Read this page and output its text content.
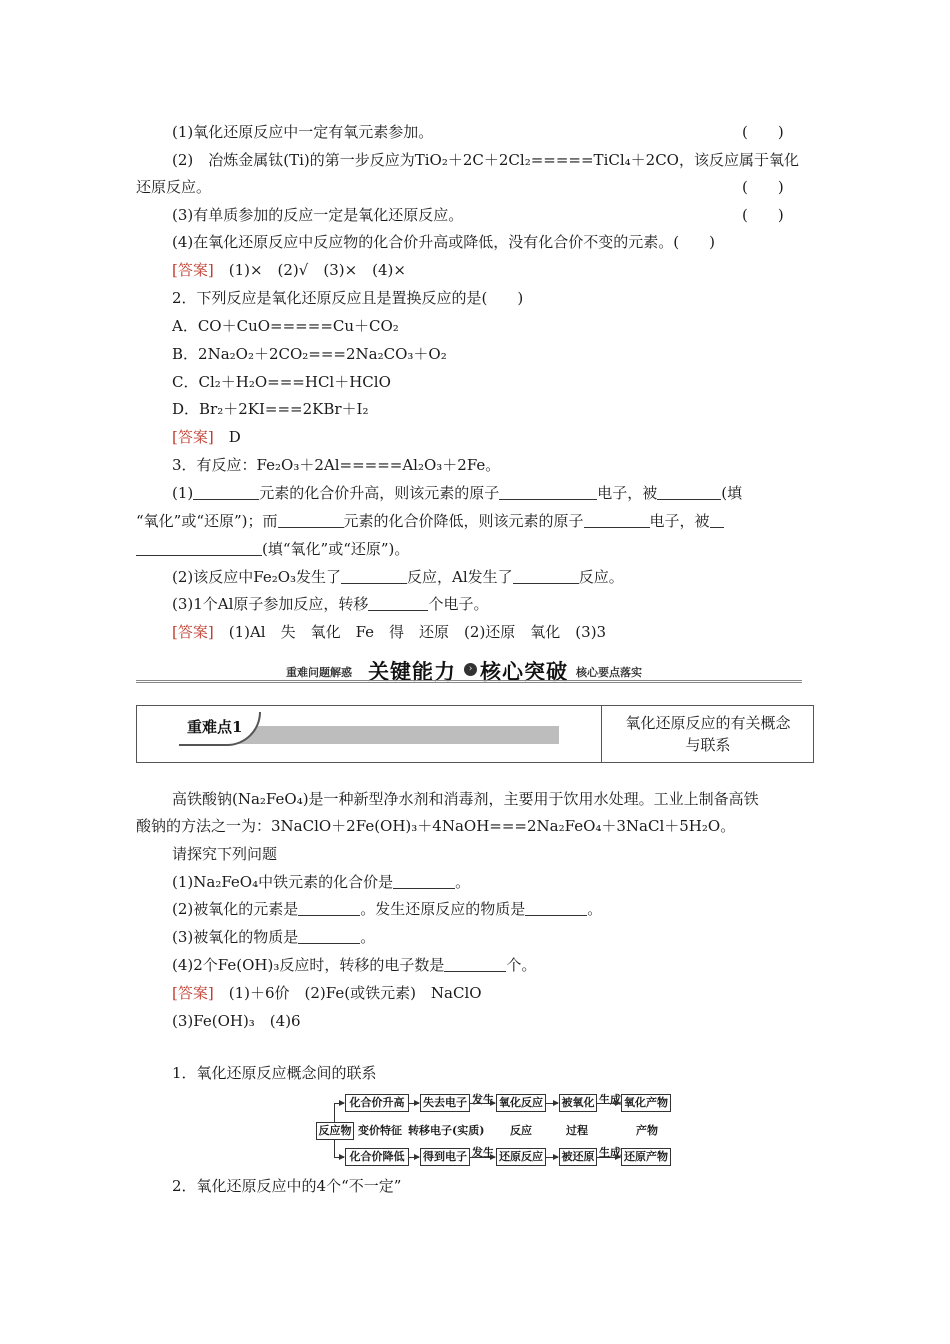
(1)氧化还原反应中一定有氧元素参加。	(　　)
(2)　冶炼金属钛(Ti)的第一步反应为TiO₂＋2C＋2Cl₂=====TiCl₄＋2CO，该反应属于氧化
还原反应。	(　　)
(3)有单质参加的反应一定是氧化还原反应。	(　　)
(4)在氧化还原反应中反应物的化合价升高或降低，没有化合价不变的元素。(　　)
[答案]　(1)×　(2)√　(3)×　(4)×
2．下列反应是氧化还原反应且是置换反应的是(　　)
A．CO＋CuO=====Cu＋CO₂
B．2Na₂O₂＋2CO₂===2Na₂CO₃＋O₂
C．Cl₂＋H₂O===HCl＋HClO
D．Br₂＋2KI===2KBr＋I₂
[答案]　D
3．有反应：Fe₂O₃＋2Al=====Al₂O₃＋2Fe。
(1)	元素的化合价升高，则该元素的原子	电子，被	(填
“氧化”或“还原”)；而	元素的化合价降低，则该元素的原子	电子，被
(填“氧化”或“还原”)。
(2)该反应中Fe₂O₃发生了	反应，Al发生了	反应。
(3)1个Al原子参加反应，转移	个电子。
[答案]　(1)Al　失　氧化　Fe　得　还原　(2)还原　氧化　(3)3
重难问题解惑 关键能力	› 核心突破 核心要点落实
重难点1	氧化还原反应的有关概念
与联系
高铁酸钠(Na₂FeO₄)是一种新型净水剂和消毒剂，主要用于饮用水处理。工业上制备高铁
酸钠的方法之一为：3NaClO＋2Fe(OH)₃＋4NaOH===2Na₂FeO₄＋3NaCl＋5H₂O。
请探究下列问题
(1)Na₂FeO₄中铁元素的化合价是	。
(2)被氧化的元素是	。发生还原反应的物质是	。
(3)被氧化的物质是	。
(4)2个Fe(OH)₃反应时，转移的电子数是	个。
[答案]　(1)＋6价　(2)Fe(或铁元素)　NaClO
(3)Fe(OH)₃　(4)6
1．氧化还原反应概念间的联系
反应物
化合价升高	失去电子 发生 氧化反应 被氧化 生成 氧化产物
变价特征 转移电子(实质) 反应	过程	产物
化合价降低	得到电子 发生 还原反应 被还原 生成 还原产物
2．氧化还原反应中的4个“不一定”
